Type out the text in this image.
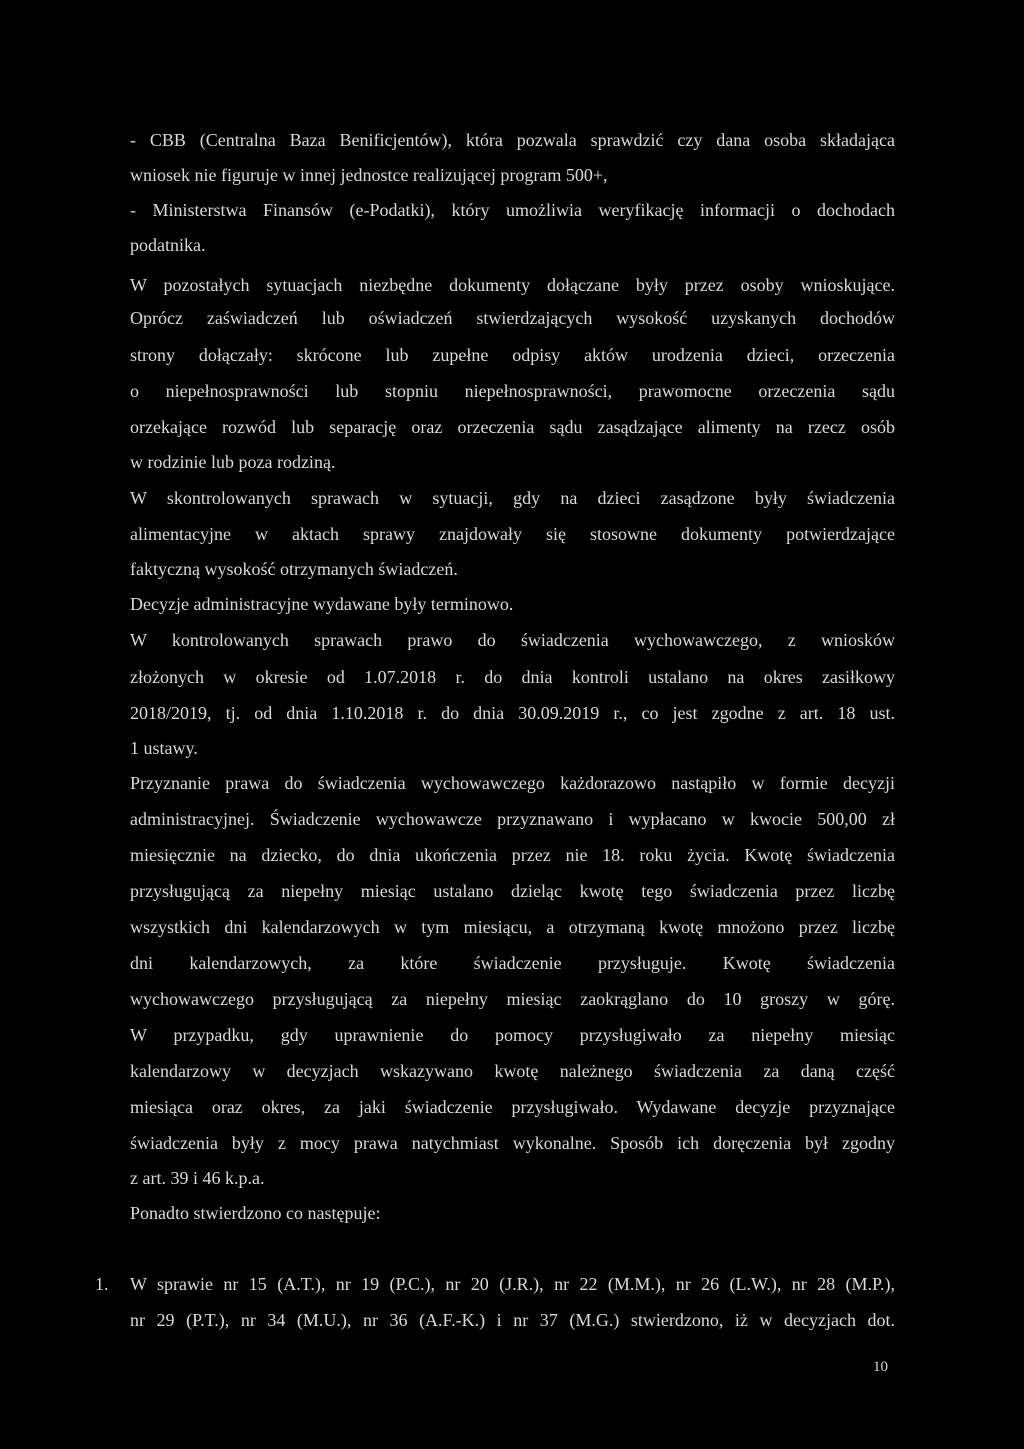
- CBB (Centralna Baza Benificjentów), która pozwala sprawdzić czy dana osoba składająca
wniosek nie figuruje w innej jednostce realizującej program 500+,
- Ministerstwa Finansów (e-Podatki), który umożliwia weryfikację informacji o dochodach
podatnika.
W pozostałych sytuacjach niezbędne dokumenty dołączane były przez osoby wnioskujące.
Oprócz zaświadczeń lub oświadczeń stwierdzających wysokość uzyskanych dochodów
strony dołączały: skrócone lub zupełne odpisy aktów urodzenia dzieci, orzeczenia
o niepełnosprawności lub stopniu niepełnosprawności, prawomocne orzeczenia sądu
orzekające rozwód lub separację oraz orzeczenia sądu zasądzające alimenty na rzecz osób
w rodzinie lub poza rodziną.
W skontrolowanych sprawach w sytuacji, gdy na dzieci zasądzone były świadczenia
alimentacyjne w aktach sprawy znajdowały się stosowne dokumenty potwierdzające
faktyczną wysokość otrzymanych świadczeń.
Decyzje administracyjne wydawane były terminowo.
W kontrolowanych sprawach prawo do świadczenia wychowawczego, z wniosków
złożonych w okresie od 1.07.2018 r. do dnia kontroli ustalano na okres zasiłkowy
2018/2019, tj. od dnia 1.10.2018 r. do dnia 30.09.2019 r., co jest zgodne z art. 18 ust.
1 ustawy.
Przyznanie prawa do świadczenia wychowawczego każdorazowo nastąpiło w formie decyzji
administracyjnej. Świadczenie wychowawcze przyznawano i wypłacano w kwocie 500,00 zł
miesięcznie na dziecko, do dnia ukończenia przez nie 18. roku życia. Kwotę świadczenia
przysługującą za niepełny miesiąc ustalano dzieląc kwotę tego świadczenia przez liczbę
wszystkich dni kalendarzowych w tym miesiącu, a otrzymaną kwotę mnożono przez liczbę
dni kalendarzowych, za które świadczenie przysługuje. Kwotę świadczenia
wychowawczego przysługującą za niepełny miesiąc zaokrąglano do 10 groszy w górę.
W przypadku, gdy uprawnienie do pomocy przysługiwało za niepełny miesiąc
kalendarzowy w decyzjach wskazywano kwotę należnego świadczenia za daną część
miesiąca oraz okres, za jaki świadczenie przysługiwało. Wydawane decyzje przyznające
świadczenia były z mocy prawa natychmiast wykonalne. Sposób ich doręczenia był zgodny
z art. 39 i 46 k.p.a.
Ponadto stwierdzono co następuje:
1. W sprawie nr 15 (A.T.), nr 19 (P.C.), nr 20 (J.R.), nr 22 (M.M.), nr 26 (L.W.), nr 28 (M.P.),
nr 29 (P.T.), nr 34 (M.U.), nr 36 (A.F.-K.) i nr 37 (M.G.) stwierdzono, iż w decyzjach dot.
10
